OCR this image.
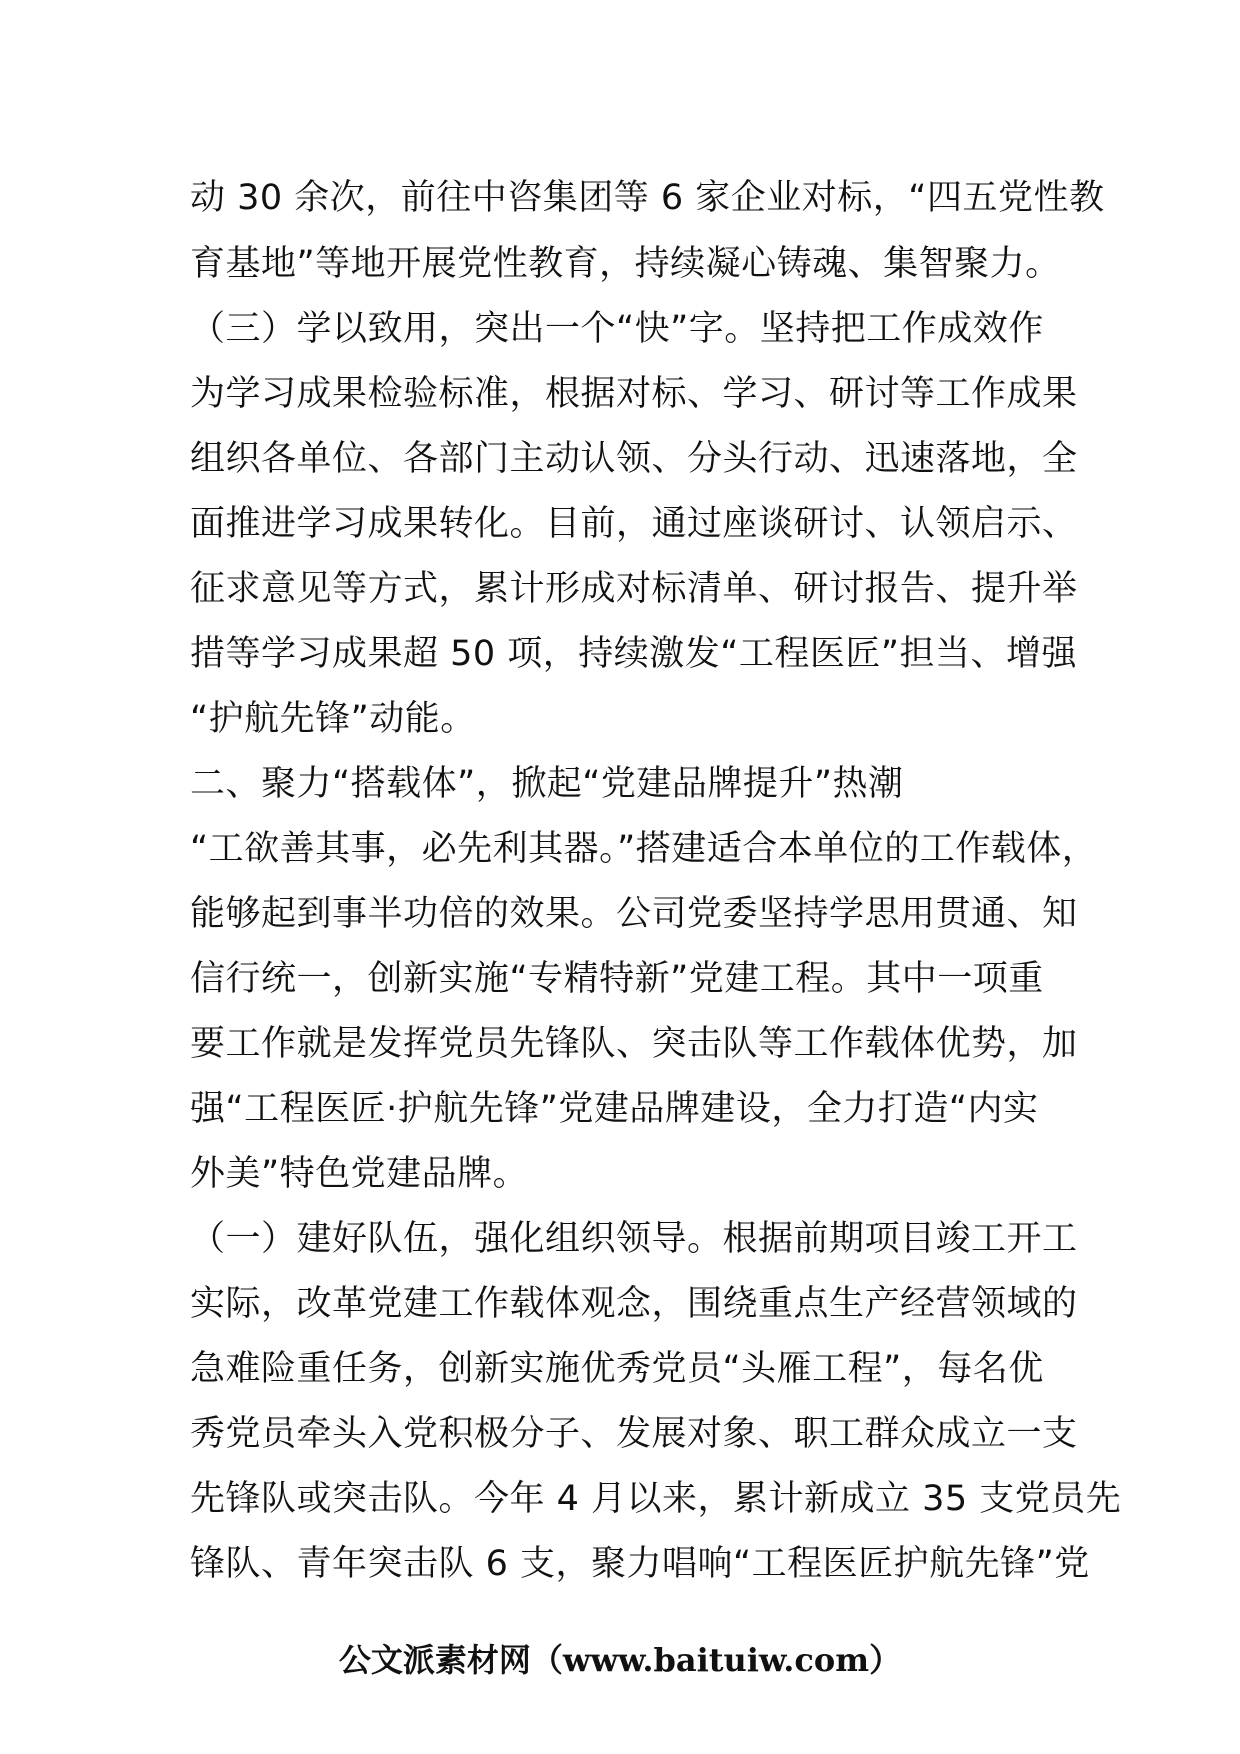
动 30 余次，前往中咨集团等 6 家企业对标，“四五党性教
育基地”等地开展党性教育，持续凝心铸魂、集智聚力。
（三）学以致用，突出一个“快”字。坚持把工作成效作
为学习成果检验标准，根据对标、学习、研讨等工作成果
组织各单位、各部门主动认领、分头行动、迅速落地，全
面推进学习成果转化。目前，通过座谈研讨、认领启示、
征求意见等方式，累计形成对标清单、研讨报告、提升举
措等学习成果超 50 项，持续激发“工程医匠”担当、增强
“护航先锋”动能。
二、聚力“搭载体”，掀起“党建品牌提升”热潮
“工欲善其事，必先利其器。”搭建适合本单位的工作载体，
能够起到事半功倍的效果。公司党委坚持学思用贯通、知
信行统一，创新实施“专精特新”党建工程。其中一项重
要工作就是发挥党员先锋队、突击队等工作载体优势，加
强“工程医匠·护航先锋”党建品牌建设，全力打造“内实
外美”特色党建品牌。
（一）建好队伍，强化组织领导。根据前期项目竣工开工
实际，改革党建工作载体观念，围绕重点生产经营领域的
急难险重任务，创新实施优秀党员“头雁工程”，每名优
秀党员牵头入党积极分子、发展对象、职工群众成立一支
先锋队或突击队。今年 4 月以来，累计新成立 35 支党员先
锋队、青年突击队 6 支，聚力唱响“工程医匠护航先锋”党
公文派素材网（www.baituiw.com）
